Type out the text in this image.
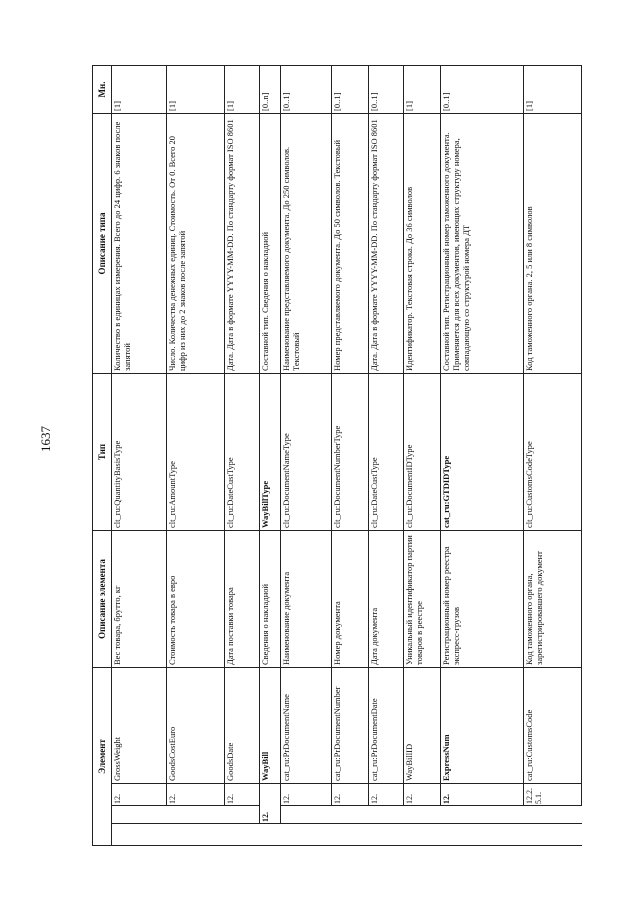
1637
Элемент				Описание элемента	Тип	Описание типа	Мн.
		12.	GrossWeight	Вес товара, брутто, кг	clt_ru:QuantityBasisType	Количество в единицах измерения. Всего до 24 цифр. 6 знаков после запятой	[1]
		12.	GoodsCostEuro	Стоимость товара в евро	clt_ru:AmountType	Число. Количества денежных единиц. Стоимость. От 0. Всего 20 цифр из них до 2 знаков после запятой	[1]
		12.	GoodsDate	Дата поставки товара	clt_ru:DateCustType	Дата. Дата в формате YYYY-MM-DD. По стандарту формат ISO 8601	[1]
	12.		WayBill	Сведения о накладной	WayBillType	Составной тип. Сведения о накладной	[0..n]
		12.	cat_ru:PrDocumentName	Наименование документа	clt_ru:DocumentNameType	Наименование представляемого документа. До 250 символов. Текстовый	[0..1]
		12.	cat_ru:PrDocumentNumber	Номер документа	clt_ru:DocumentNumberType	Номер представляемого документа. До 50 символов. Текстовый	[0..1]
		12.	cat_ru:PrDocumentDate	Дата документа	clt_ru:DateCustType	Дата. Дата в формате YYYY-MM-DD. По стандарту формат ISO 8601	[0..1]
		12.	WayBillID	Уникальный идентификатор партии товаров в реестре	clt_ru:DocumentIDType	Идентификатор. Текстовая строка. До 36 символов	[1]
		12.	ExpressNum	Регистрационный номер реестра экспресс-грузов	cat_ru:GTDIDType	Составной тип. Регистрационный номер таможенного документа. Применяется для всех документов, имеющих структуру номера, совпадающую со структурой номера ДТ	[0..1]
		12.2.5.1.	cat_ru:CustomsCode	Код таможенного органа, зарегистрировавшего документ	clt_ru:CustomsCodeType	Код таможенного органа. 2, 5 или 8 символов	[1]
